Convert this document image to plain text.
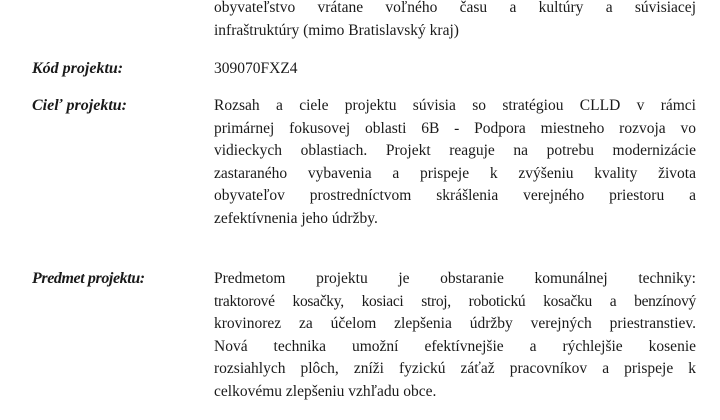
obyvateľstvo vrátane voľného času a kultúry a súvisiacej
infraštruktúry (mimo Bratislavský kraj)
Kód projektu:	309070FXZ4
Cieľ projektu:	Rozsah a ciele projektu súvisia so stratégiou CLLD v rámci
primárnej fokusovej oblasti 6B - Podpora miestneho rozvoja vo
vidieckych oblastiach. Projekt reaguje na potrebu modernizácie
zastaraného vybavenia a prispeje k zvýšeniu kvality života
obyvateľov prostredníctvom skrášlenia verejného priestoru a
zefektívnenia jeho údržby.
Predmet projektu:	Predmetom projektu je obstaranie komunálnej techniky:
traktorové kosačky, kosiaci stroj, robotickú kosačku a benzínový
krovinorez za účelom zlepšenia údržby verejných priestranstiev.
Nová technika umožní efektívnejšie a rýchlejšie kosenie
rozsiahlych plôch, zníži fyzickú záťaž pracovníkov a prispeje k
celkovému zlepšeniu vzhľadu obce.
